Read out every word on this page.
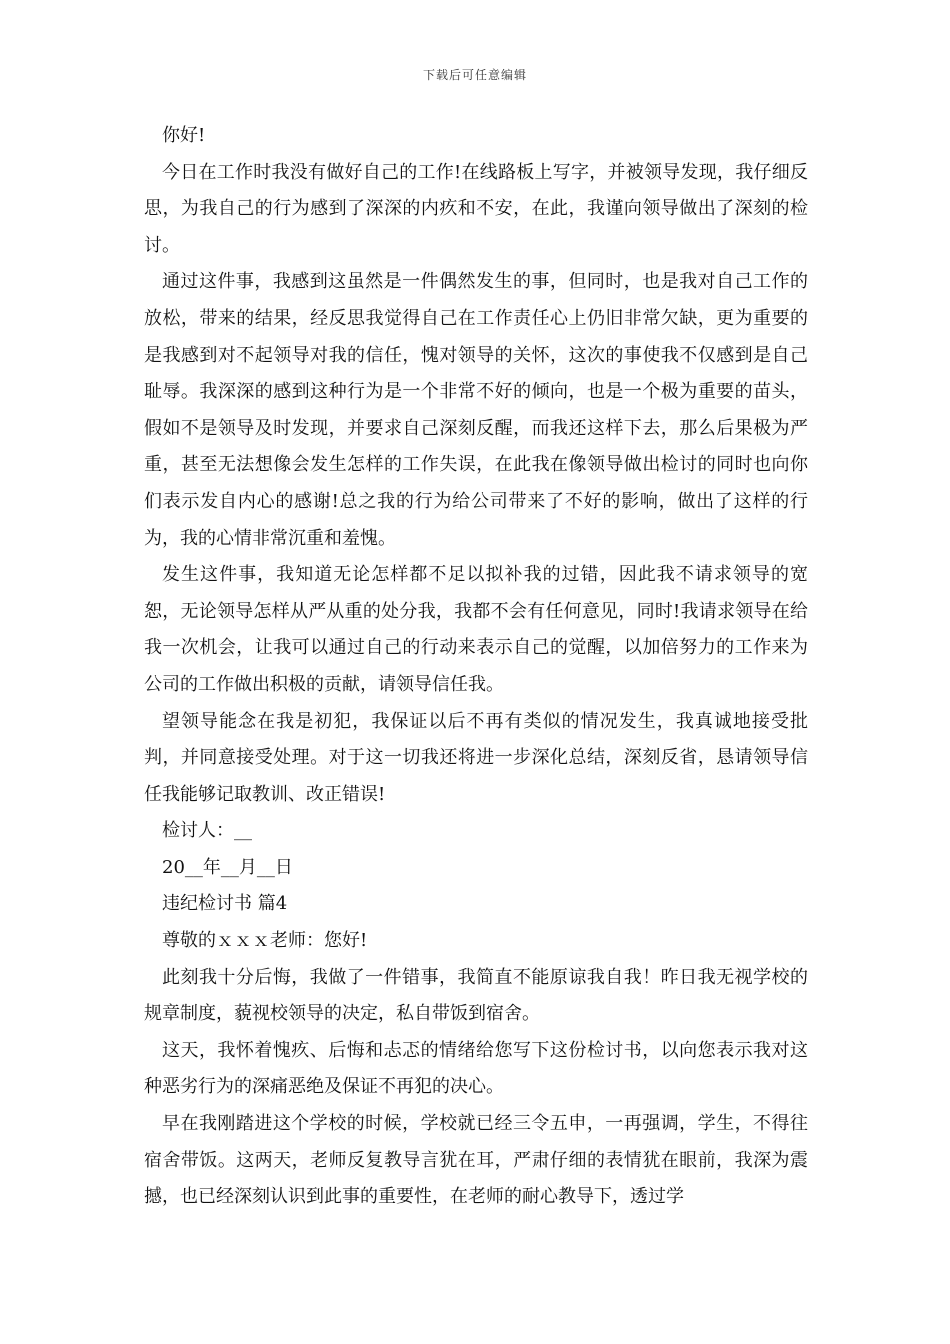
下载后可任意编辑

你好!

今日在工作时我没有做好自己的工作!在线路板上写字，并被领导发现，我仔细反思，为我自己的行为感到了深深的内疚和不安，在此，我谨向领导做出了深刻的检讨。

通过这件事，我感到这虽然是一件偶然发生的事，但同时，也是我对自己工作的放松，带来的结果，经反思我觉得自己在工作责任心上仍旧非常欠缺，更为重要的是我感到对不起领导对我的信任，愧对领导的关怀，这次的事使我不仅感到是自己耻辱。我深深的感到这种行为是一个非常不好的倾向，也是一个极为重要的苗头，假如不是领导及时发现，并要求自己深刻反醒，而我还这样下去，那么后果极为严重，甚至无法想像会发生怎样的工作失误，在此我在像领导做出检讨的同时也向你们表示发自内心的感谢!总之我的行为给公司带来了不好的影响，做出了这样的行为，我的心情非常沉重和羞愧。

发生这件事，我知道无论怎样都不足以拟补我的过错，因此我不请求领导的宽恕，无论领导怎样从严从重的处分我，我都不会有任何意见，同时!我请求领导在给我一次机会，让我可以通过自己的行动来表示自己的觉醒，以加倍努力的工作来为公司的工作做出积极的贡献，请领导信任我。

望领导能念在我是初犯，我保证以后不再有类似的情况发生，我真诚地接受批判，并同意接受处理。对于这一切我还将进一步深化总结，深刻反省，恳请领导信任我能够记取教训、改正错误!

检讨人：__

20__年__月__日

违纪检讨书 篇4

尊敬的ｘｘｘ老师：您好!

此刻我十分后悔，我做了一件错事，我简直不能原谅我自我！昨日我无视学校的规章制度，藐视校领导的决定，私自带饭到宿舍。

这天，我怀着愧疚、后悔和忐忑的情绪给您写下这份检讨书，以向您表示我对这种恶劣行为的深痛恶绝及保证不再犯的决心。

早在我刚踏进这个学校的时候，学校就已经三令五申，一再强调，学生，不得往宿舍带饭。这两天，老师反复教导言犹在耳，严肃仔细的表情犹在眼前，我深为震撼，也已经深刻认识到此事的重要性，在老师的耐心教导下，透过学
